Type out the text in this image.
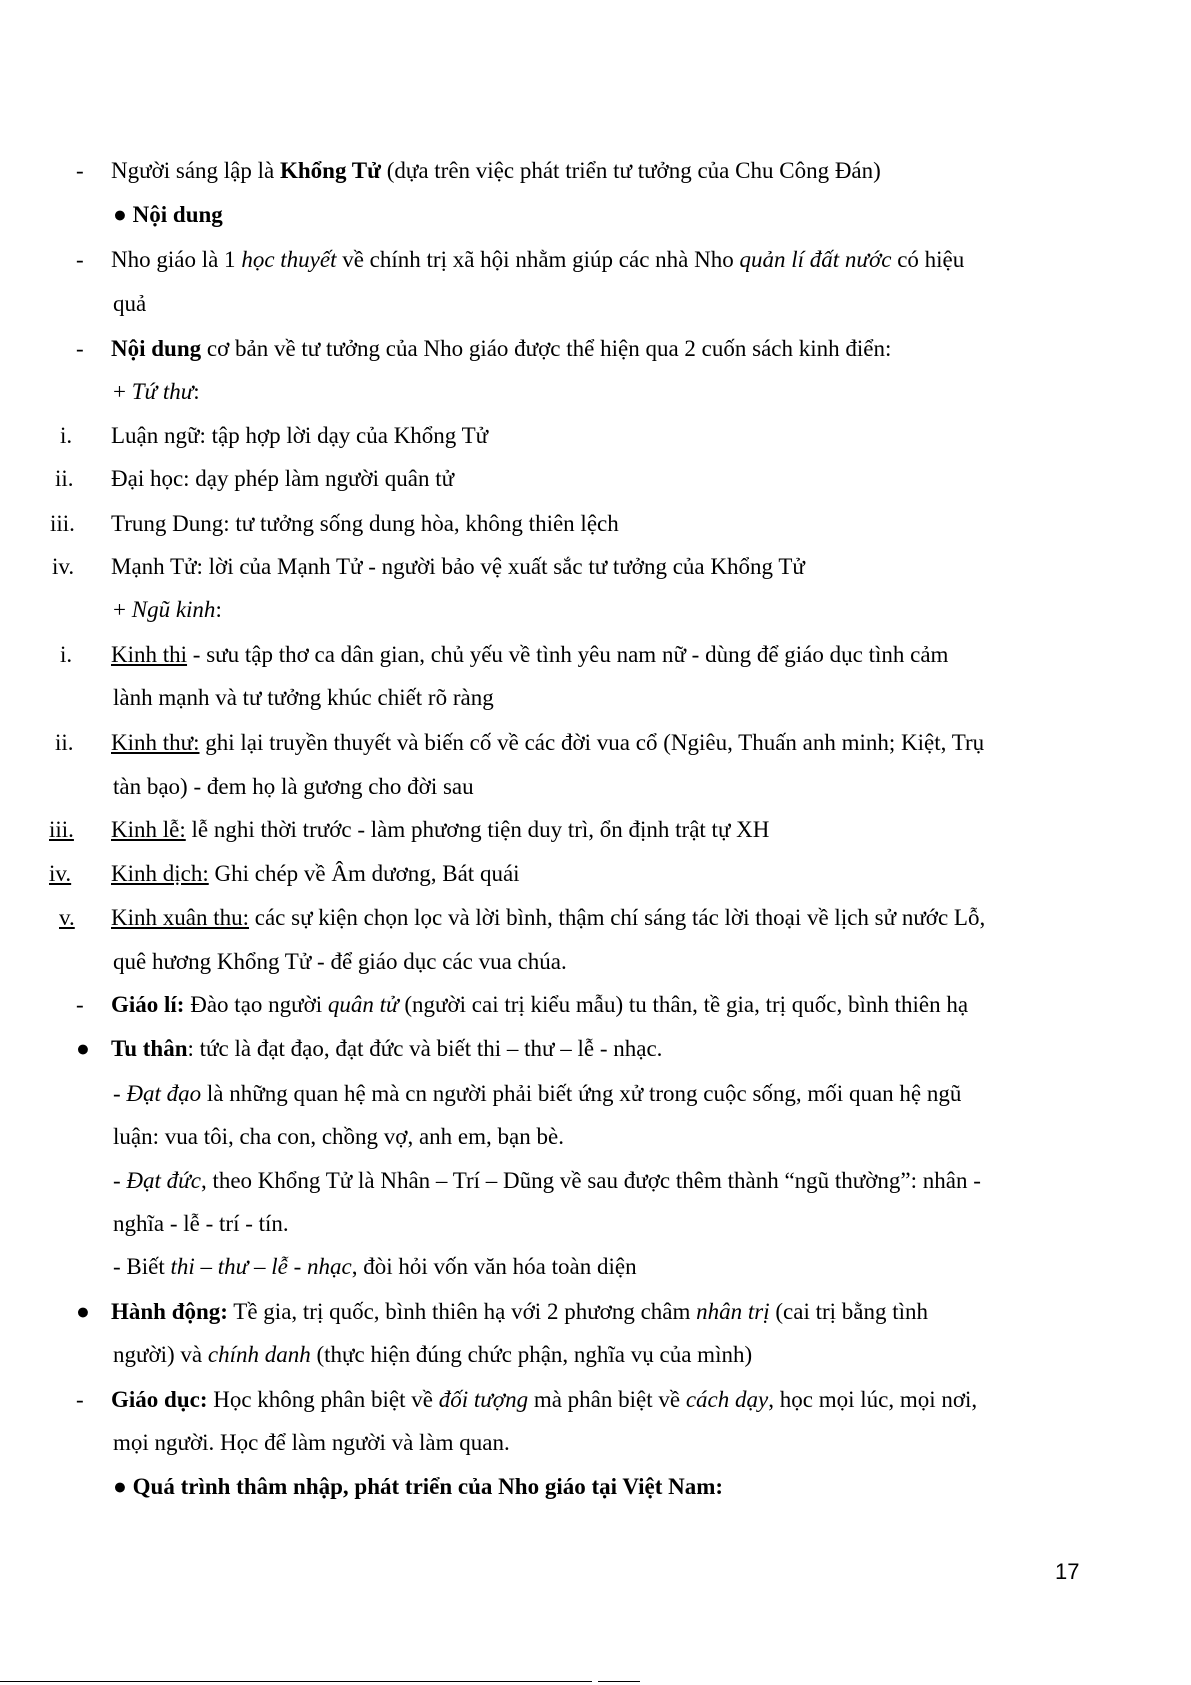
- Người sáng lập là Khổng Tử (dựa trên việc phát triển tư tưởng của Chu Công Đán)
● Nội dung
- Nho giáo là 1 học thuyết về chính trị xã hội nhằm giúp các nhà Nho quản lí đất nước có hiệu
quả
- Nội dung cơ bản về tư tưởng của Nho giáo được thể hiện qua 2 cuốn sách kinh điển:
+ Tứ thư:
i. Luận ngữ: tập hợp lời dạy của Khổng Tử
ii. Đại học: dạy phép làm người quân tử
iii. Trung Dung: tư tưởng sống dung hòa, không thiên lệch
iv. Mạnh Tử: lời của Mạnh Tử - người bảo vệ xuất sắc tư tưởng của Khổng Tử
+ Ngũ kinh:
i. Kinh thi - sưu tập thơ ca dân gian, chủ yếu về tình yêu nam nữ - dùng để giáo dục tình cảm
lành mạnh và tư tưởng khúc chiết rõ ràng
ii. Kinh thư: ghi lại truyền thuyết và biến cố về các đời vua cổ (Ngiêu, Thuấn anh minh; Kiệt, Trụ
tàn bạo) - đem họ là gương cho đời sau
iii.	Kinh lễ: lễ nghi thời trước - làm phương tiện duy trì, ổn định trật tự XH
iv.	Kinh dịch: Ghi chép về Âm dương, Bát quái
v.	Kinh xuân thu: các sự kiện chọn lọc và lời bình, thậm chí sáng tác lời thoại về lịch sử nước Lỗ,
quê hương Khổng Tử - để giáo dục các vua chúa.
- Giáo lí: Đào tạo người quân tử (người cai trị kiểu mẫu) tu thân, tề gia, trị quốc, bình thiên hạ
● Tu thân: tức là đạt đạo, đạt đức và biết thi – thư – lễ - nhạc.
- Đạt đạo là những quan hệ mà cn người phải biết ứng xử trong cuộc sống, mối quan hệ ngũ
luận: vua tôi, cha con, chồng vợ, anh em, bạn bè.
- Đạt đức, theo Khổng Tử là Nhân – Trí – Dũng về sau được thêm thành “ngũ thường”: nhân -
nghĩa - lễ - trí - tín.
- Biết thi – thư – lễ - nhạc, đòi hỏi vốn văn hóa toàn diện
● Hành động: Tề gia, trị quốc, bình thiên hạ với 2 phương châm nhân trị (cai trị bằng tình
người) và chính danh (thực hiện đúng chức phận, nghĩa vụ của mình)
- Giáo dục: Học không phân biệt về đối tượng mà phân biệt về cách dạy, học mọi lúc, mọi nơi,
mọi người. Học để làm người và làm quan.
● Quá trình thâm nhập, phát triển của Nho giáo tại Việt Nam:
17
